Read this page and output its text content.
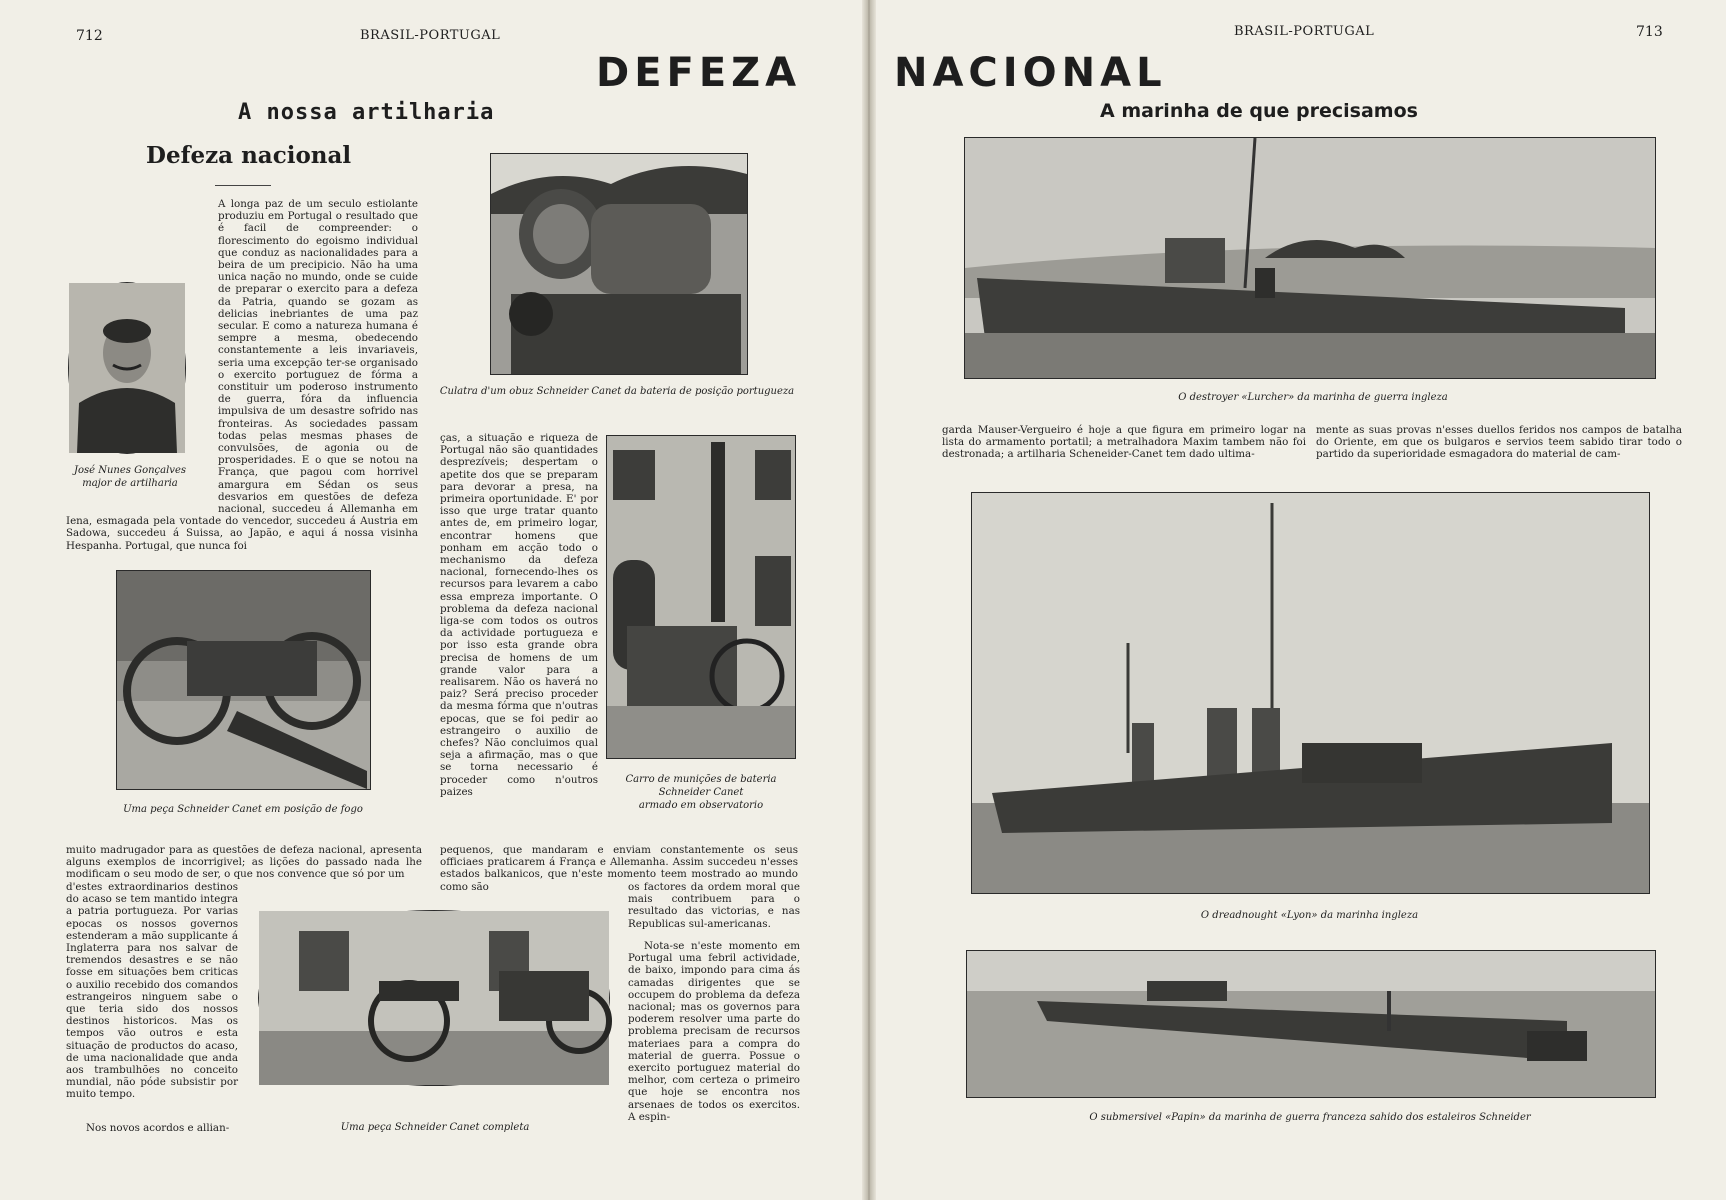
712	BRASIL-PORTUGAL
A nossa artilharia
Defeza nacional

A longa paz de um seculo estiolante produziu em Portugal o resultado que é facil de compreender: o florescimento do egoismo individual que conduz as nacionalidades para a beira de um precipicio. Não ha uma unica nação no mundo, onde se cuide de preparar o exercito para a defeza da Patria, quando se gozam as delicias inebriantes de uma paz secular. E como a natureza humana é sempre a mesma, obedecendo constantemente a leis invariaveis, seria uma excepção ter-se organisado o exercito portuguez de fórma a constituir um poderoso instrumento de guerra, fóra da influencia impulsiva de um desastre sofrido nas fronteiras. As sociedades passam todas pelas mesmas phases de convulsões, de agonia ou de prosperidades. E o que se notou na França, que pagou com horrivel amargura em Sédan os seus desvarios em questões de defeza nacional, succedeu á Allemanha em Iena, esmagada pela vontade do vencedor, succedeu á Austria em Sadowa, succedeu á Suissa, ao Japão, e aqui á nossa visinha Hespanha. Portugal, que nunca foi

José Nunes Gonçalves
major de artilharia
Culatra d'um obuz Schneider Canet da bateria de posição portugueza
Uma peça Schneider Canet em posição de fogo

ças, a situação e riqueza de Portugal não são quantidades desprezíveis; despertam o apetite dos que se preparam para devorar a presa, na primeira oportunidade. E' por isso que urge tratar quanto antes de, em primeiro logar, encontrar homens que ponham em acção todo o mechanismo da defeza nacional, fornecendo-lhes os recursos para levarem a cabo essa empreza importante. O problema da defeza nacional liga-se com todos os outros da actividade portugueza e por isso esta grande obra precisa de homens de um grande valor para a realisarem. Não os haverá no paiz? Será preciso proceder da mesma fórma que n'outras epocas, que se foi pedir ao estrangeiro o auxilio de chefes? Não concluimos qual seja a afirmação, mas o que se torna necessario é proceder como n'outros paizes

Carro de munições de bateria
Schneider Canet
armado em observatorio
muito madrugador para as questões de defeza nacional, apresenta alguns exemplos de incorrigivel; as lições do passado nada lhe modificam o seu modo de ser, o que nos convence que só por um
pequenos, que mandaram e enviam constantemente os seus officiaes praticarem á França e Allemanha. Assim succedeu n'esses estados balkanicos, que n'este momento teem mostrado ao mundo como são

d'estes extraordinarios destinos do acaso se tem mantido integra a patria portugueza. Por varias epocas os nossos governos estenderam a mão supplicante á Inglaterra para nos salvar de tremendos desastres e se não fosse em situações bem criticas o auxilio recebido dos comandos estrangeiros ninguem sabe o que teria sido dos nossos destinos historicos. Mas os tempos vão outros e esta situação de productos do acaso, de uma nacionalidade que anda aos trambulhões no conceito mundial, não póde subsistir por muito tempo.

Nos novos acordos e allian-	Uma peça Schneider Canet completa

os factores da ordem moral que mais contribuem para o resultado das victorias, e nas Republicas sul-americanas.

Nota-se n'este momento em Portugal uma febril actividade, de baixo, impondo para cima ás camadas dirigentes que se occupem do problema da defeza nacional; mas os governos para poderem resolver uma parte do problema precisam de recursos materiaes para a compra do material de guerra. Possue o exercito portuguez material do melhor, com certeza o primeiro que hoje se encontra nos arsenaes de todos os exercitos. A espin-

BRASIL-PORTUGAL	713
A marinha de que precisamos
O destroyer «Lurcher» da marinha de guerra ingleza
garda Mauser-Vergueiro é hoje a que figura em primeiro logar na lista do armamento portatil; a metralhadora Maxim tambem não foi destronada; a artilharia Scheneider-Canet tem dado ultima-
mente as suas provas n'esses duellos feridos nos campos de batalha do Oriente, em que os bulgaros e servios teem sabido tirar todo o partido da superioridade esmagadora do material de cam-
O dreadnought «Lyon» da marinha ingleza
O submersivel «Papin» da marinha de guerra franceza sahido dos estaleiros Schneider
DEFEZA NACIONAL
